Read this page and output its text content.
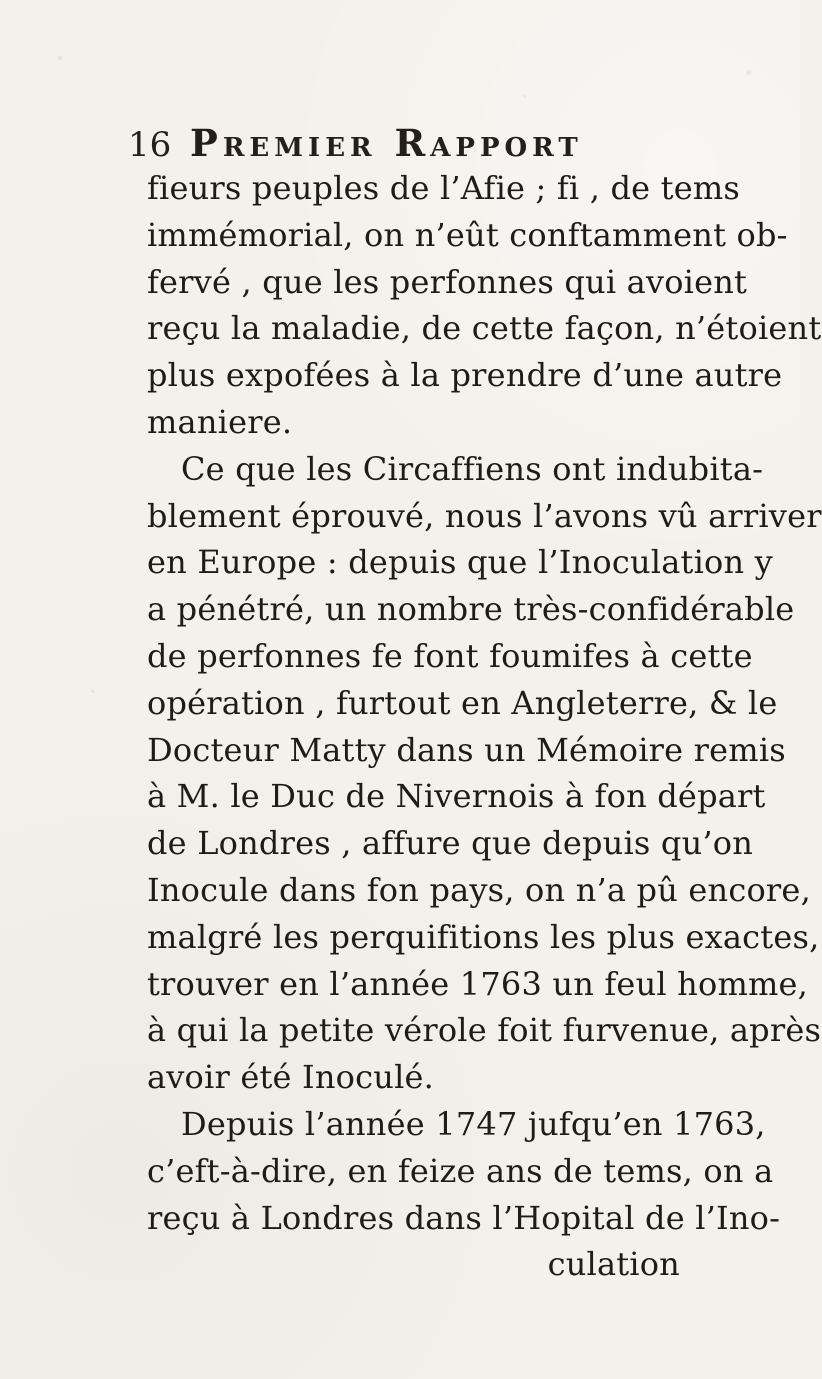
16 Premier Rapport
fieurs peuples de l’Afie ; fi , de tems
immémorial, on n’eût conftamment ob-
fervé , que les perfonnes qui avoient
reçu la maladie, de cette façon, n’étoient
plus expofées à la prendre d’une autre
maniere.
Ce que les Circaffiens ont indubita-
blement éprouvé, nous l’avons vû arriver
en Europe : depuis que l’Inoculation y
a pénétré, un nombre très-confidérable
de perfonnes fe font foumifes à cette
opération , furtout en Angleterre, & le
Docteur Matty dans un Mémoire remis
à M. le Duc de Nivernois à fon départ
de Londres , affure que depuis qu’on
Inocule dans fon pays, on n’a pû encore,
malgré les perquifitions les plus exactes,
trouver en l’année 1763 un feul homme,
à qui la petite vérole foit furvenue, après
avoir été Inoculé.
Depuis l’année 1747 jufqu’en 1763,
c’eft-à-dire, en feize ans de tems, on a
reçu à Londres dans l’Hopital de l’Ino-
culation
